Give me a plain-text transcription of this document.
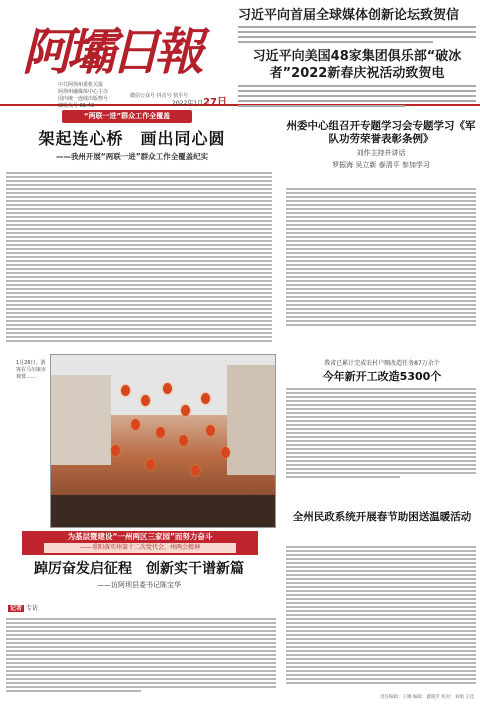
阿壩日報
中共阿坝州委机关报
阿坝州融媒体中心主办
国内统一连续出版物号
邮发代号 61-43
微信公众号 抖音号 快手号
2022年1月27日
习近平向首届全球媒体创新论坛致贺信
习近平向美国48家集团俱乐部“破冰者”2022新春庆祝活动致贺电
“两联一进”群众工作全覆盖
架起连心桥　画出同心圆
——我州开展“两联一进”群众工作全覆盖纪实
州委中心组召开专题学习会专题学习《军队功劳荣誉表彰条例》
刘作主持并讲话
罗振海 吴立新 泰清平 参加学习
1月26日，游客在马尔康市观赏……
我省已累计完成农村户厕改造任务87万余个
今年新开工改造5300个
全州民政系统开展春节助困送温暖活动
为基层暨建设“一州两区三家园”而努力奋斗
——重阳落实州第十二次党代会、州两会精神
踔厉奋发启征程　创新实干谱新篇
——访阿坝县委书记陈宝华
记者 专访
责任编辑：王娜 编辑：鑫晓芳 校对：刘娟 王佳
